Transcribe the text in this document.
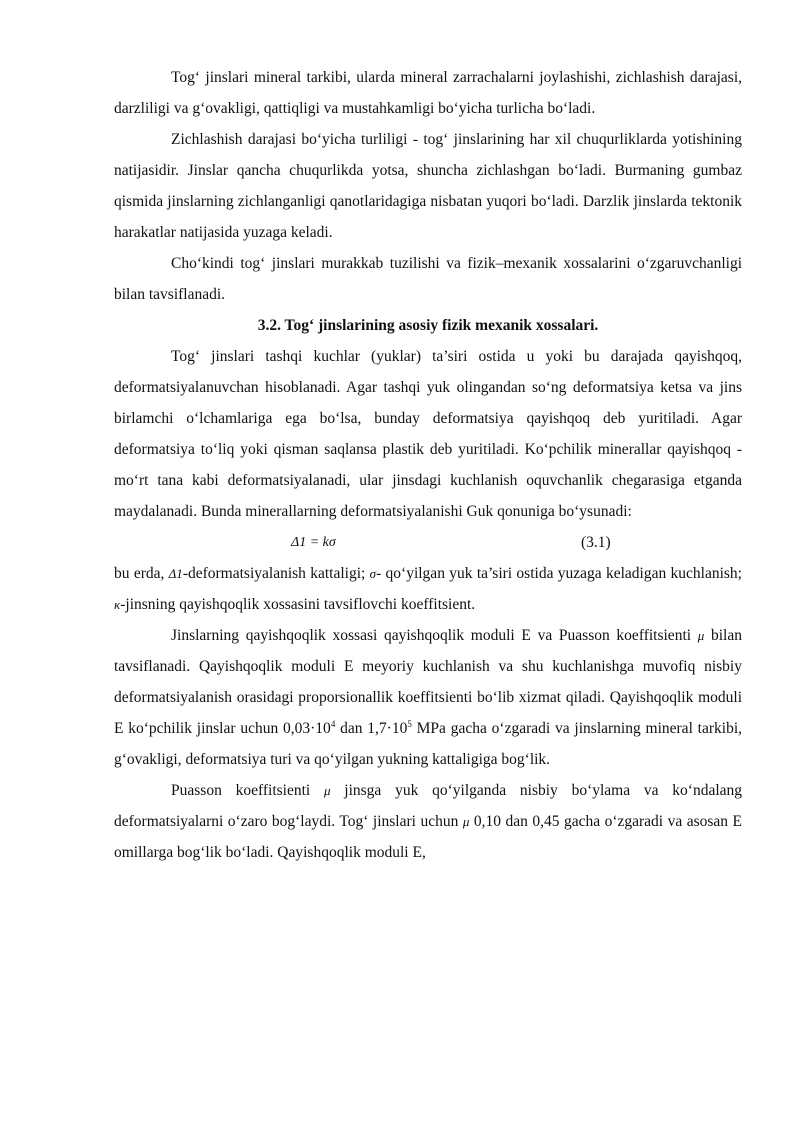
Tog‘ jinslari mineral tarkibi, ularda mineral zarrachalarni joylashishi, zichlashish darajasi, darzliligi va g‘ovakligi, qattiqligi va mustahkamligi bo‘yicha turlicha bo‘ladi.

Zichlashish darajasi bo‘yicha turliligi - tog‘ jinslarining har xil chuqurliklarda yotishining natijasidir. Jinslar qancha chuqurlikda yotsa, shuncha zichlashgan bo‘ladi. Burmaning gumbaz qismida jinslarning zichlanganligi qanotlaridagiga nisbatan yuqori bo‘ladi. Darzlik jinslarda tektonik harakatlar natijasida yuzaga keladi.

Cho‘kindi tog‘ jinslari murakkab tuzilishi va fizik–mexanik xossalarini o‘zgaruvchanligi bilan tavsiflanadi.

3.2. Tog‘ jinslarining asosiy fizik mexanik xossalari.

Tog‘ jinslari tashqi kuchlar (yuklar) ta’siri ostida u yoki bu darajada qayishqoq, deformatsiyalanuvchan hisoblanadi. Agar tashqi yuk olingandan so‘ng deformatsiya ketsa va jins birlamchi o‘lchamlariga ega bo‘lsa, bunday deformatsiya qayishqoq deb yuritiladi. Agar deformatsiya to‘liq yoki qisman saqlansa plastik deb yuritiladi. Ko‘pchilik minerallar qayishqoq - mo‘rt tana kabi deformatsiyalanadi, ular jinsdagi kuchlanish oquvchanlik chegarasiga etganda maydalanadi. Bunda minerallarning deformatsiyalanishi Guk qonuniga bo‘ysunadi:

Δ1 = kσ	(3.1)

bu erda, Δ1-deformatsiyalanish kattaligi; σ- qo‘yilgan yuk ta’siri ostida yuzaga keladigan kuchlanish; κ-jinsning qayishqoqlik xossasini tavsiflovchi koeffitsient.

Jinslarning qayishqoqlik xossasi qayishqoqlik moduli E va Puasson koeffitsienti μ bilan tavsiflanadi. Qayishqoqlik moduli E meyoriy kuchlanish va shu kuchlanishga muvofiq nisbiy deformatsiyalanish orasidagi proporsionallik koeffitsienti bo‘lib xizmat qiladi. Qayishqoqlik moduli E ko‘pchilik jinslar uchun $0,03\cdot 10^4$ dan $1,7\cdot 10^5$ MPa gacha o‘zgaradi va jinslarning mineral tarkibi, g‘ovakligi, deformatsiya turi va qo‘yilgan yukning kattaligiga bog‘lik.

Puasson koeffitsienti μ jinsga yuk qo‘yilganda nisbiy bo‘ylama va ko‘ndalang deformatsiyalarni o‘zaro bog‘laydi. Tog‘ jinslari uchun μ 0,10 dan 0,45 gacha o‘zgaradi va asosan E omillarga bog‘lik bo‘ladi. Qayishqoqlik moduli E,
